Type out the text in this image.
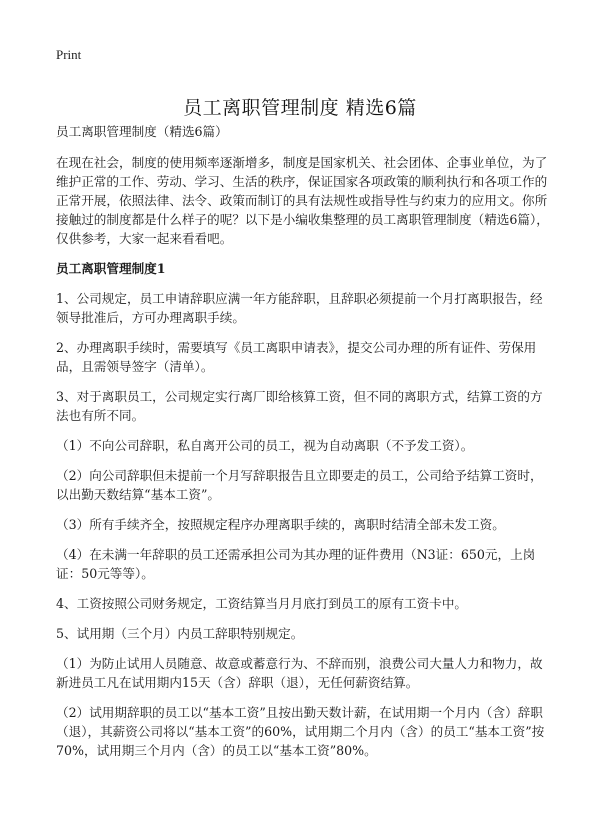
Print
员工离职管理制度 精选6篇

员工离职管理制度（精选6篇）

在现在社会，制度的使用频率逐渐增多，制度是国家机关、社会团体、企事业单位，为了维护正常的工作、劳动、学习、生活的秩序，保证国家各项政策的顺利执行和各项工作的正常开展，依照法律、法令、政策而制订的具有法规性或指导性与约束力的应用文。你所接触过的制度都是什么样子的呢？以下是小编收集整理的员工离职管理制度（精选6篇），仅供参考，大家一起来看看吧。

员工离职管理制度1

1、公司规定，员工申请辞职应满一年方能辞职，且辞职必须提前一个月打离职报告，经领导批准后，方可办理离职手续。

2、办理离职手续时，需要填写《员工离职申请表》，提交公司办理的所有证件、劳保用品，且需领导签字（清单）。

3、对于离职员工，公司规定实行离厂即给核算工资，但不同的离职方式，结算工资的方法也有所不同。

（1）不向公司辞职，私自离开公司的员工，视为自动离职（不予发工资）。

（2）向公司辞职但未提前一个月写辞职报告且立即要走的员工，公司给予结算工资时，以出勤天数结算“基本工资”。

（3）所有手续齐全，按照规定程序办理离职手续的，离职时结清全部未发工资。

（4）在未满一年辞职的员工还需承担公司为其办理的证件费用（N3证：650元，上岗证：50元等等）。

4、工资按照公司财务规定，工资结算当月月底打到员工的原有工资卡中。

5、试用期（三个月）内员工辞职特别规定。

（1）为防止试用人员随意、故意或蓄意行为、不辞而别，浪费公司大量人力和物力，故新进员工凡在试用期内15天（含）辞职（退），无任何薪资结算。

（2）试用期辞职的员工以“基本工资”且按出勤天数计薪，在试用期一个月内（含）辞职（退），其薪资公司将以“基本工资”的60%，试用期二个月内（含）的员工“基本工资”按70%，试用期三个月内（含）的员工以“基本工资”80%。
